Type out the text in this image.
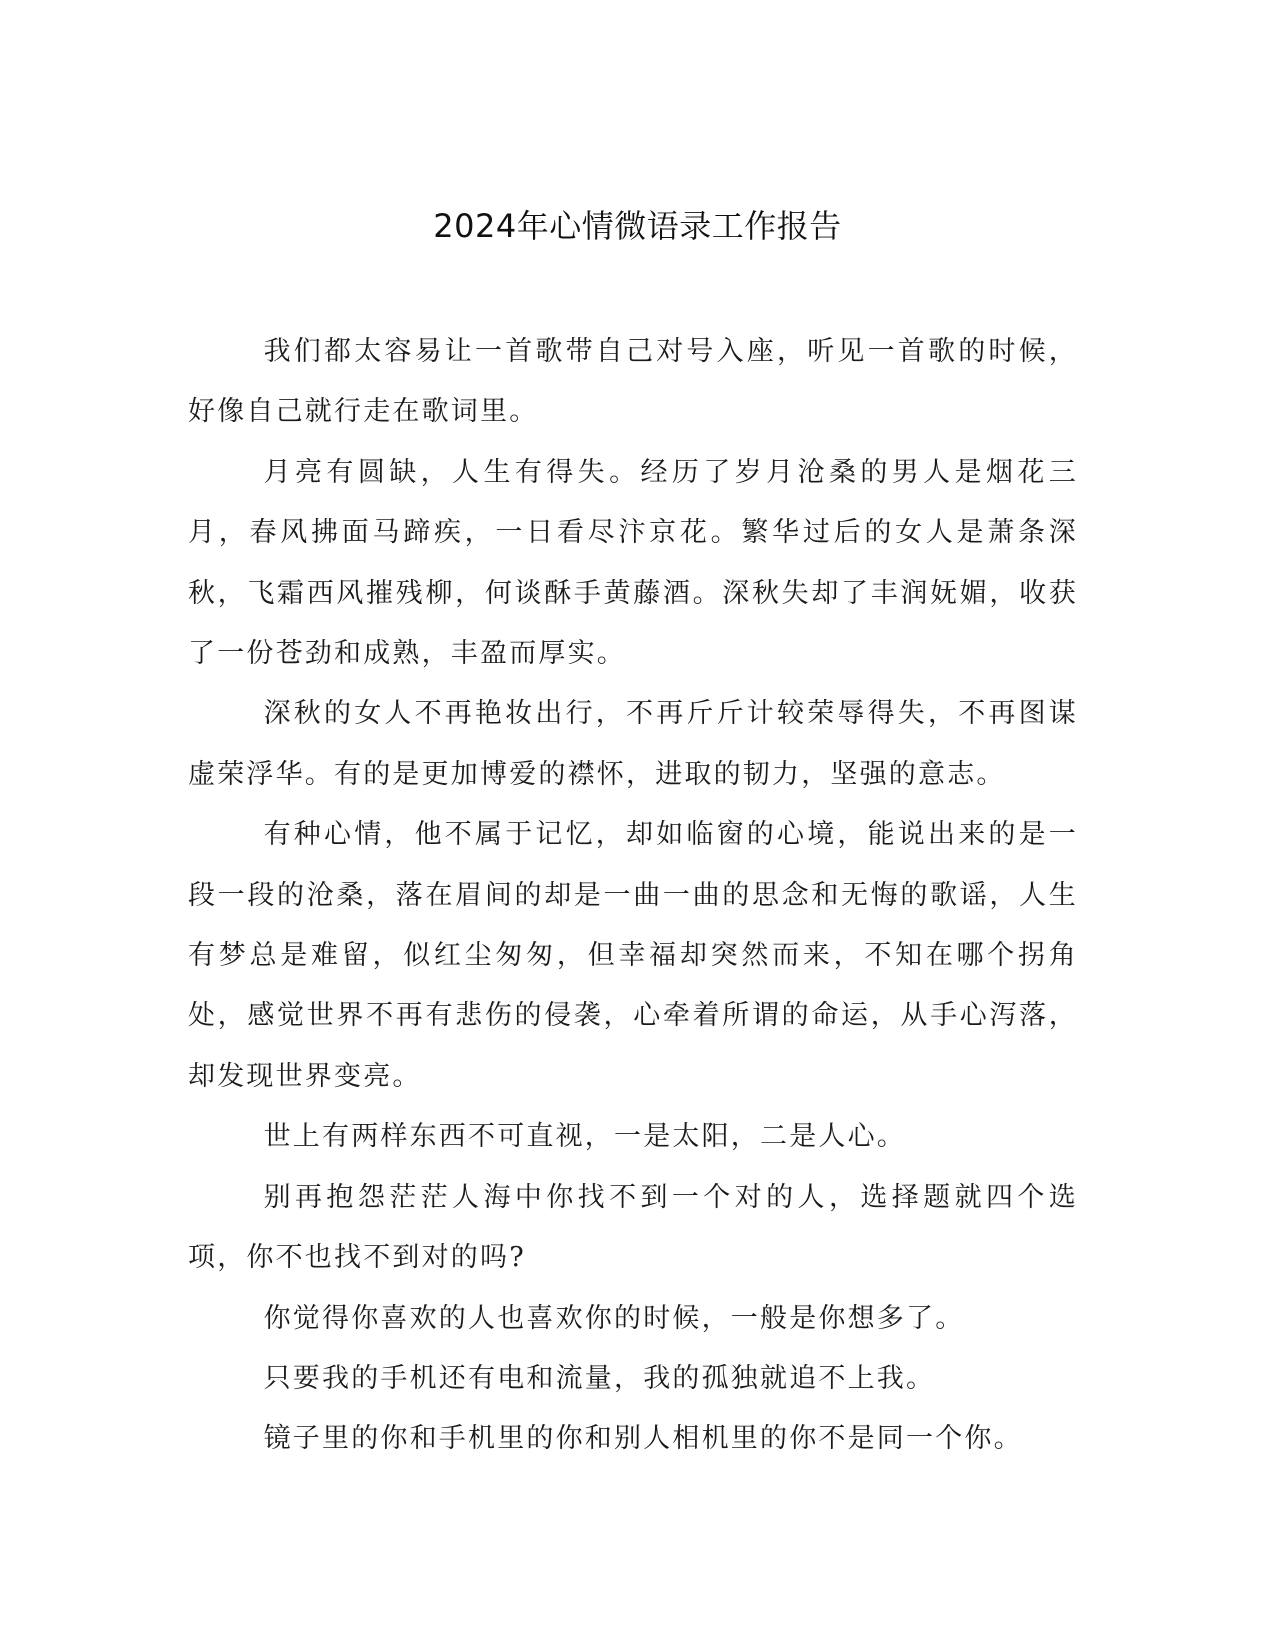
2024年心情微语录工作报告

我们都太容易让一首歌带自己对号入座，听见一首歌的时候，好像自己就行走在歌词里。

月亮有圆缺，人生有得失。经历了岁月沧桑的男人是烟花三月，春风拂面马蹄疾，一日看尽汴京花。繁华过后的女人是萧条深秋，飞霜西风摧残柳，何谈酥手黄藤酒。深秋失却了丰润妩媚，收获了一份苍劲和成熟，丰盈而厚实。

深秋的女人不再艳妆出行，不再斤斤计较荣辱得失，不再图谋虚荣浮华。有的是更加博爱的襟怀，进取的韧力，坚强的意志。

有种心情，他不属于记忆，却如临窗的心境，能说出来的是一段一段的沧桑，落在眉间的却是一曲一曲的思念和无悔的歌谣，人生有梦总是难留，似红尘匆匆，但幸福却突然而来，不知在哪个拐角处，感觉世界不再有悲伤的侵袭，心牵着所谓的命运，从手心泻落，却发现世界变亮。

世上有两样东西不可直视，一是太阳，二是人心。

别再抱怨茫茫人海中你找不到一个对的人，选择题就四个选项，你不也找不到对的吗?

你觉得你喜欢的人也喜欢你的时候，一般是你想多了。

只要我的手机还有电和流量，我的孤独就追不上我。

镜子里的你和手机里的你和别人相机里的你不是同一个你。
